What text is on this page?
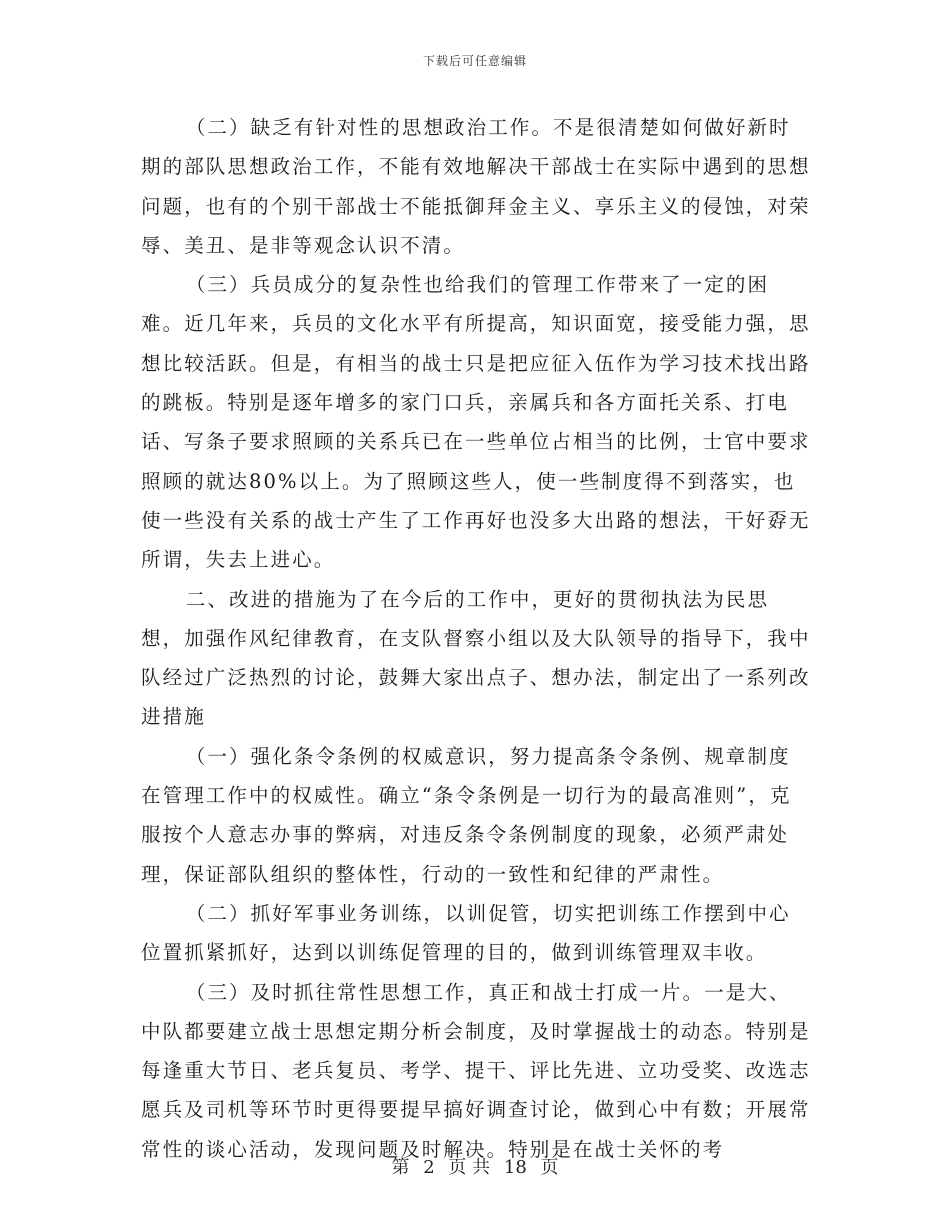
下载后可任意编辑

（二）缺乏有针对性的思想政治工作。不是很清楚如何做好新时期的部队思想政治工作，不能有效地解决干部战士在实际中遇到的思想问题，也有的个别干部战士不能抵御拜金主义、享乐主义的侵蚀，对荣辱、美丑、是非等观念认识不清。

（三）兵员成分的复杂性也给我们的管理工作带来了一定的困难。近几年来，兵员的文化水平有所提高，知识面宽，接受能力强，思想比较活跃。但是，有相当的战士只是把应征入伍作为学习技术找出路的跳板。特别是逐年增多的家门口兵，亲属兵和各方面托关系、打电话、写条子要求照顾的关系兵已在一些单位占相当的比例，士官中要求照顾的就达80%以上。为了照顾这些人，使一些制度得不到落实，也使一些没有关系的战士产生了工作再好也没多大出路的想法，干好孬无所谓，失去上进心。

二、改进的措施为了在今后的工作中，更好的贯彻执法为民思想，加强作风纪律教育，在支队督察小组以及大队领导的指导下，我中队经过广泛热烈的讨论，鼓舞大家出点子、想办法，制定出了一系列改进措施

（一）强化条令条例的权威意识，努力提高条令条例、规章制度在管理工作中的权威性。确立“条令条例是一切行为的最高准则”，克服按个人意志办事的弊病，对违反条令条例制度的现象，必须严肃处理，保证部队组织的整体性，行动的一致性和纪律的严肃性。

（二）抓好军事业务训练，以训促管，切实把训练工作摆到中心位置抓紧抓好，达到以训练促管理的目的，做到训练管理双丰收。

（三）及时抓往常性思想工作，真正和战士打成一片。一是大、中队都要建立战士思想定期分析会制度，及时掌握战士的动态。特别是每逢重大节日、老兵复员、考学、提干、评比先进、立功受奖、改选志愿兵及司机等环节时更得要提早搞好调查讨论，做到心中有数；开展常常性的谈心活动，发现问题及时解决。特别是在战士关怀的考

第 2 页 共 18 页
